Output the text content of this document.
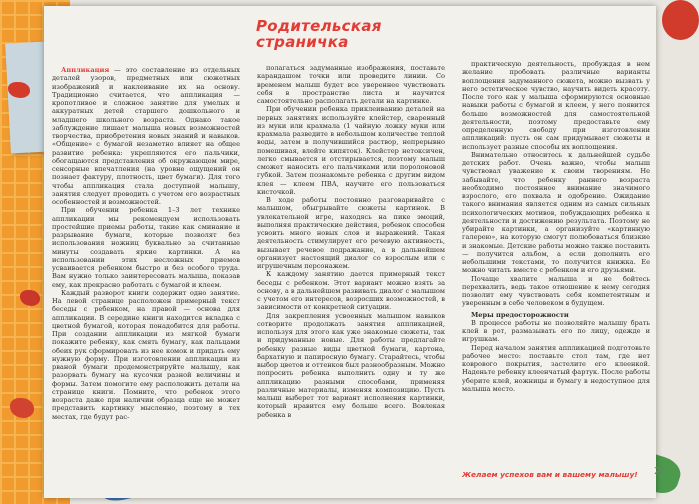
Родительская
страничка

Аппликация — это составление из отдельных деталей узоров, предметных или сюжетных изображений и наклеивание их на основу. Традиционно считается, что аппликация — кропотливое и сложное занятие для умелых и аккуратных детей старшего дошкольного и младшего школьного возраста. Однако такое заблуждение лишает малыша новых возможностей творчества, приобретения новых знаний и навыков. «Общение» с бумагой незаметно влияет на общее развитие ребенка: укрепляются его пальчики, обогащаются представления об окружающем мире, сенсорные впечатления (на уровне ощущений он познает фактуру, плотность, цвет бумаги). Для того чтобы аппликация стала доступной малышу, занятия следует проводить с учетом его возрастных особенностей и возможностей.

При обучении ребенка 1–3 лет технике аппликации мы рекомендуем использовать простейшие приемы работы, такие как сминание и разрывание бумаги, которые позволят без использования ножниц буквально за считанные минуты создавать яркие картинки. А на использовании этих несложных приемов усваивается ребенком быстро и без особого труда. Вам нужно только заинтересовать малыша, показав ему, как прекрасно работать с бумагой и клеем.

Каждый разворот книги содержит одно занятие. На левой странице расположен примерный текст беседы с ребенком, на правой — основа для аппликации. В середине книги находится вкладка с цветной бумагой, которая понадобится для работы. При создании аппликации из мягкой бумаги покажите ребенку, как смять бумагу, как пальцами обеих рук сформировать из нее комок и придать ему нужную форму. При изготовлении аппликации из рваной бумаги продемонстрируйте малышу, как разорвать бумагу на кусочки разной величины и формы. Затем помогите ему расположить детали на странице книги. Помните, что ребенок этого возраста даже при наличии образца еще не может представить картинку мысленно, поэтому в тех местах, где будут рас-

полагаться задуманные изображения, поставьте карандашом точки или проведите линии. Со временем малыш будет все увереннее чувствовать себя в пространстве листа и научится самостоятельно располагать детали на картинке.

При обучении ребенка приклеиванию деталей на первых занятиях используйте клейстер, сваренный из муки или крахмала (1 чайную ложку муки или крахмала разведите в небольшом количестве теплой воды, затем в получившийся раствор, непрерывно помешивая, влейте кипяток). Клейстер нетоксичен, легко смывается и отстирывается, поэтому малыш сможет наносить его пальчиками или поролоновой губкой. Затем познакомьте ребенка с другим видом клея — клеем ПВА, научите его пользоваться кисточкой.

В ходе работы постоянно разговаривайте с малышом, обыгрывайте сюжеты картинок. В увлекательной игре, находясь на пике эмоций, выполняя практические действия, ребенок способен усвоить много новых слов и выражений. Такая деятельность стимулирует его речевую активность, вызывает речевое подражание, а в дальнейшем организует настоящий диалог со взрослым или с игрушечным персонажем.

К каждому занятию дается примерный текст беседы с ребенком. Этот вариант можно взять за основу, а в дальнейшем развивать диалог с малышом с учетом его интересов, возросших возможностей, в зависимости от конкретной ситуации.

Для закрепления усвоенных малышом навыков сотворите продолжать занятия аппликацией, используя для этого как уже знакомые сюжеты, так и придуманные новые. Для работы предлагайте ребенку разные виды цветной бумаги, картона, бархатную и папиросную бумагу. Старайтесь, чтобы выбор цветов и оттенков был разнообразным. Можно попросить ребенка выполнить одну и ту же аппликацию разными способами, применяя различные материалы, изменяя композицию. Пусть малыш выберет тот вариант исполнения картинки, который нравится ему больше всего. Вовлекая ребенка в

практическую деятельность, пробуждая в нем желание пробовать различные варианты воплощения задуманного сюжета, можно вызвать у него эстетическое чувство, научить видеть красоту. После того как у малыша сформируются основные навыки работы с бумагой и клеем, у него появится больше возможностей для самостоятельной деятельности, поэтому предоставьте ему определенную свободу при изготовлении аппликаций: пусть он сам придумывает сюжеты и использует разные способы их воплощения.

Внимательно относитесь к дальнейшей судьбе детских работ. Очень важно, чтобы малыш чувствовал уважение к своим творениям. Не забывайте, что ребенку раннего возраста необходимо постоянное внимание значимого взрослого, его похвала и одобрение. Ожидание такого внимания является одним из самых сильных психологических мотивов, побуждающих ребенка к деятельности и достижению результата. Поэтому не убирайте картинки, а организуйте «картинную галерею», на которую смогут полюбоваться близкие и знакомые. Детские работы можно также поставить — получится альбом, а если дополнить его небольшими текстами, то получится книжка. Ее можно читать вместе с ребенком и его друзьями.

Почаще хвалите малыша и не бойтесь перехвалить, ведь такое отношение к нему сегодня позволит ему чувствовать себя компетентным и уверенным в себе человеком в будущем.

Меры предосторожности

В процессе работы не позволяйте малышу брать клей в рот, размазывать его по лицу, одежде и игрушкам.

Перед началом занятия аппликацией подготовьте рабочее место: поставьте стол там, где нет коврового покрытия, застелите его клеенкой. Наденьте ребенку клеенчатый фартук. После работы уберите клей, ножницы и бумагу в недоступное для малыша место.

Желаем успехов вам и вашему малышу!	25
